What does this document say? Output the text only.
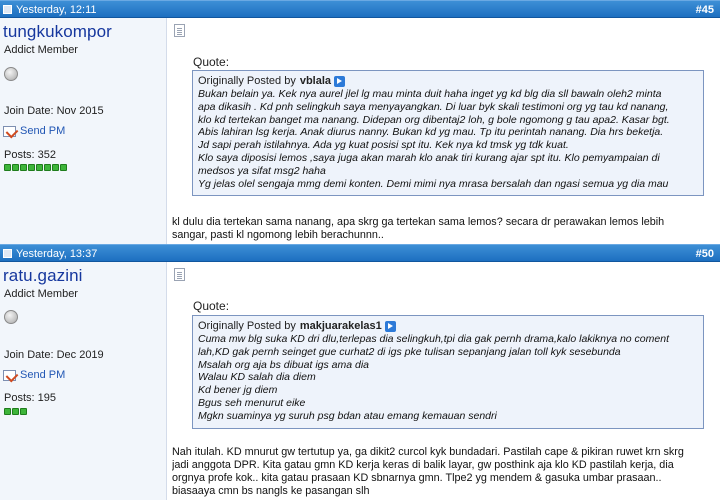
Yesterday, 12:11	#45
tungkukompor
Addict Member
Join Date: Nov 2015
Send PM
Posts: 352
Quote:
Originally Posted by vblala
Bukan belain ya. Kek nya aurel jlel lg mau minta duit haha inget yg kd blg dia sll bawaln oleh2 minta
apa dikasih . Kd pnh selingkuh saya menyayangkan. Di luar byk skali testimoni org yg tau kd nanang,
klo kd tertekan banget ma nanang. Didepan org dibentaj2 loh, g bole ngomong g tau apa2. Kasar bgt.
Abis lahiran lsg kerja. Anak diurus nanny. Bukan kd yg mau. Tp itu perintah nanang. Dia hrs beketja.
Jd sapi perah istilahnya. Ada yg kuat posisi spt itu. Kek nya kd tmsk yg tdk kuat.
Klo saya diposisi lemos ,saya juga akan marah klo anak tiri kurang ajar spt itu. Klo pemyampaian di
medsos ya sifat msg2 haha
Yg jelas olel sengaja mmg demi konten. Demi mimi nya mrasa bersalah dan ngasi semua yg dia mau
kl dulu dia tertekan sama nanang, apa skrg ga tertekan sama lemos? secara dr perawakan lemos lebih
sangar, pasti kl ngomong lebih berachunnn..
Yesterday, 13:37	#50
ratu.gazini
Addict Member
Join Date: Dec 2019
Send PM
Posts: 195
Quote:
Originally Posted by makjuarakelas1
Cuma mw blg suka KD dri dlu,terlepas dia selingkuh,tpi dia gak pernh drama,kalo lakiknya no coment
lah,KD gak pernh seinget gue curhat2 di igs pke tulisan sepanjang jalan toll kyk sesebunda
Msalah org aja bs dibuat igs ama dia
Walau KD salah dia diem
Kd bener jg diem
Bgus seh menurut eike
Mgkn suaminya yg suruh psg bdan atau emang kemauan sendri
Nah itulah. KD mnurut gw tertutup ya, ga dikit2 curcol kyk bundadari. Pastilah cape & pikiran ruwet krn skrg
jadi anggota DPR. Kita gatau gmn KD kerja keras di balik layar, gw posthink aja klo KD pastilah kerja, dia
orgnya profe kok.. kita gatau prasaan KD sbnarnya gmn. Tlpe2 yg mendem & gasuka umbar prasaan..
biasaaya cmn bs nangls ke pasangan slh
